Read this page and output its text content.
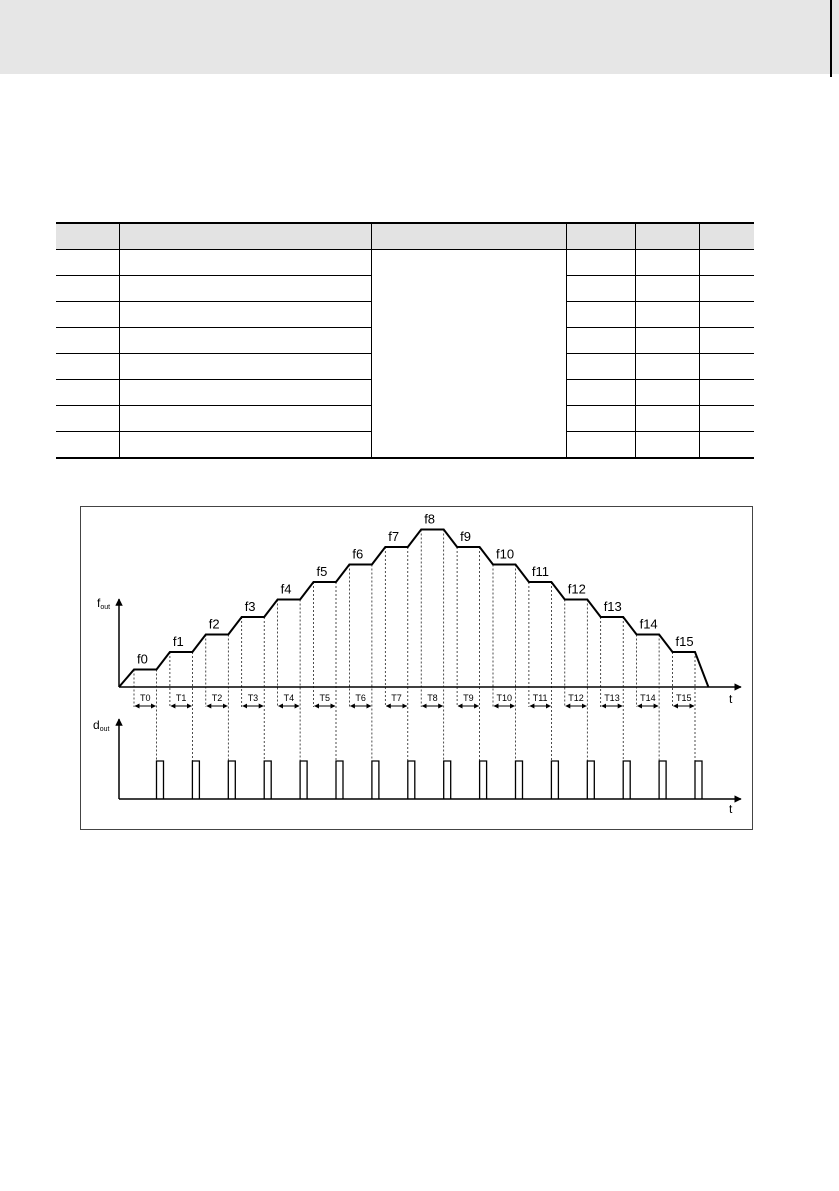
fout
dout
t
t
T0
f0
T1
f1
T2
f2
T3
f3
T4
f4
T5
f5
T6
f6
T7
f7
T8
f8
T9
f9
T10
f10
T11
f11
T12
f12
T13
f13
T14
f14
T15
f15
